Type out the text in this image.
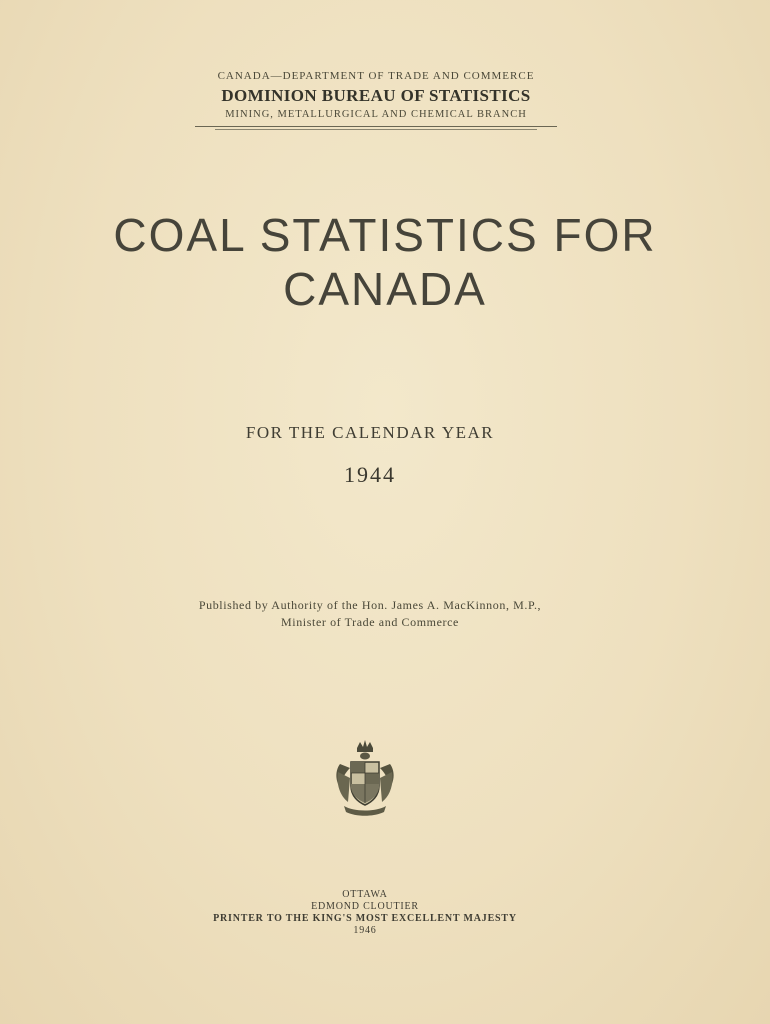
CANADA—DEPARTMENT OF TRADE AND COMMERCE
DOMINION BUREAU OF STATISTICS
MINING, METALLURGICAL AND CHEMICAL BRANCH
COAL STATISTICS FOR
CANADA
FOR THE CALENDAR YEAR
1944
Published by Authority of the Hon. James A. MacKinnon, M.P.,
Minister of Trade and Commerce
OTTAWA
EDMOND CLOUTIER
PRINTER TO THE KING'S MOST EXCELLENT MAJESTY
1946
